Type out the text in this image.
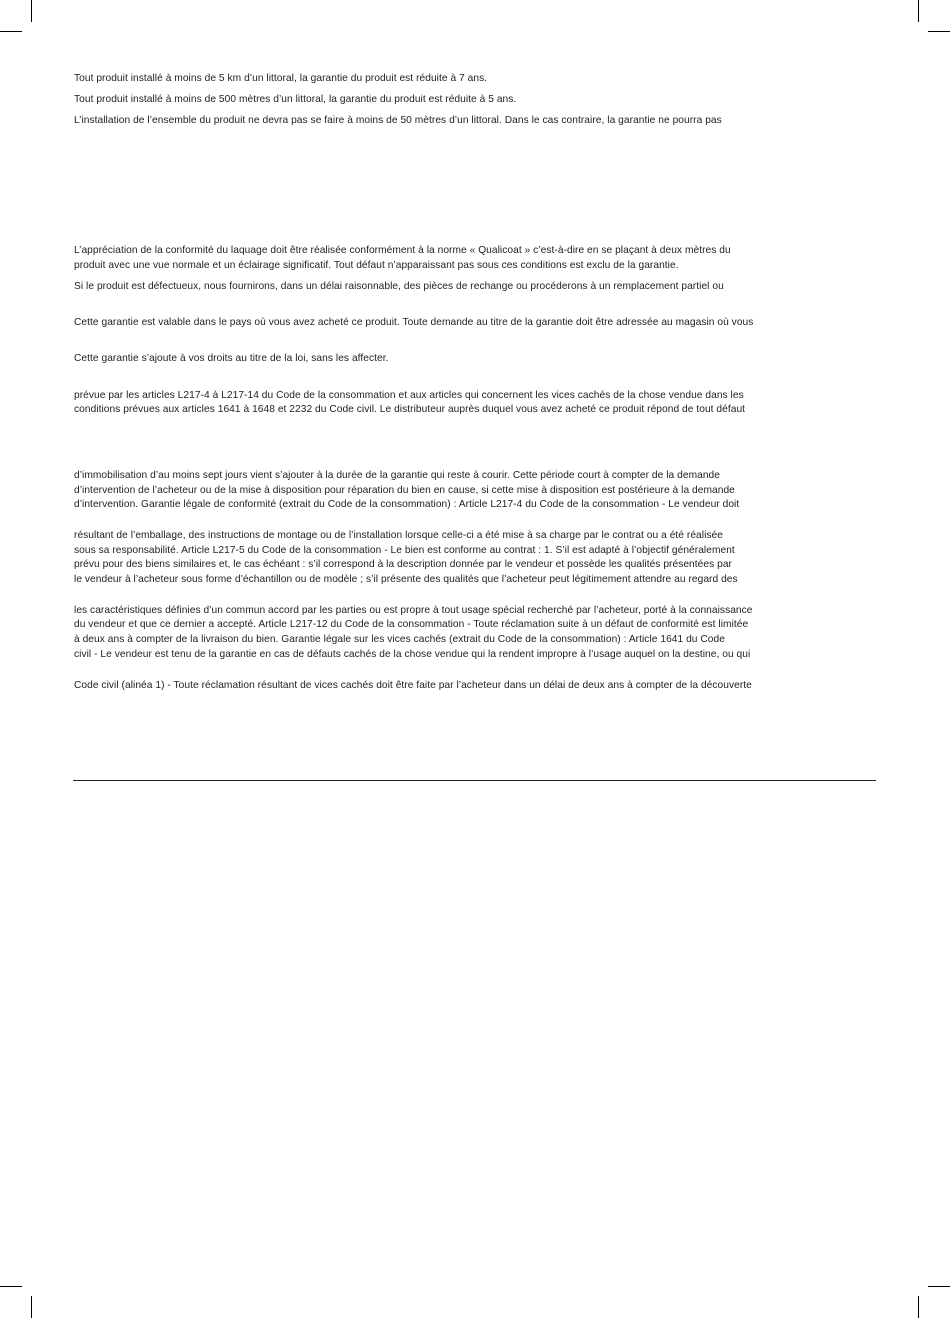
Tout produit installé à moins de 5 km d’un littoral, la garantie du produit est réduite à 7 ans.
Tout produit installé à moins de 500 mètres d’un littoral, la garantie du produit est réduite à 5 ans.
L’installation de l’ensemble du produit ne devra pas se faire à moins de 50 mètres d’un littoral. Dans le cas contraire, la garantie ne pourra pas
L’appréciation de la conformité du laquage doit être réalisée conformément à la norme « Qualicoat » c’est-à-dire en se plaçant à deux mètres du
produit avec une vue normale et un éclairage significatif. Tout défaut n’apparaissant pas sous ces conditions est exclu de la garantie.
Si le produit est défectueux, nous fournirons, dans un délai raisonnable, des pièces de rechange ou procéderons à un remplacement partiel ou
Cette garantie est valable dans le pays où vous avez acheté ce produit. Toute demande au titre de la garantie doit être adressée au magasin où vous
Cette garantie s’ajoute à vos droits au titre de la loi, sans les affecter.
prévue par les articles L217-4 à L217-14 du Code de la consommation et aux articles qui concernent les vices cachés de la chose vendue dans les
conditions prévues aux articles 1641 à 1648 et 2232 du Code civil. Le distributeur auprès duquel vous avez acheté ce produit répond de tout défaut
d’immobilisation d’au moins sept jours vient s’ajouter à la durée de la garantie qui reste à courir. Cette période court à compter de la demande
d’intervention de l’acheteur ou de la mise à disposition pour réparation du bien en cause, si cette mise à disposition est postérieure à la demande
d’intervention. Garantie légale de conformité (extrait du Code de la consommation) : Article L217-4 du Code de la consommation - Le vendeur doit
résultant de l’emballage, des instructions de montage ou de l’installation lorsque celle-ci a été mise à sa charge par le contrat ou a été réalisée
sous sa responsabilité. Article L217-5 du Code de la consommation - Le bien est conforme au contrat : 1. S’il est adapté à l’objectif généralement
prévu pour des biens similaires et, le cas échéant : s’il correspond à la description donnée par le vendeur et possède les qualités présentées par
le vendeur à l’acheteur sous forme d’échantillon ou de modèle ; s’il présente des qualités que l’acheteur peut légitimement attendre au regard des
les caractéristiques définies d’un commun accord par les parties ou est propre à tout usage spécial recherché par l’acheteur, porté à la connaissance
du vendeur et que ce dernier a accepté. Article L217-12 du Code de la consommation - Toute réclamation suite à un défaut de conformité est limitée
à deux ans à compter de la livraison du bien. Garantie légale sur les vices cachés (extrait du Code de la consommation) : Article 1641 du Code
civil - Le vendeur est tenu de la garantie en cas de défauts cachés de la chose vendue qui la rendent impropre à l’usage auquel on la destine, ou qui
Code civil (alinéa 1) - Toute réclamation résultant de vices cachés doit être faite par l’acheteur dans un délai de deux ans à compter de la découverte
